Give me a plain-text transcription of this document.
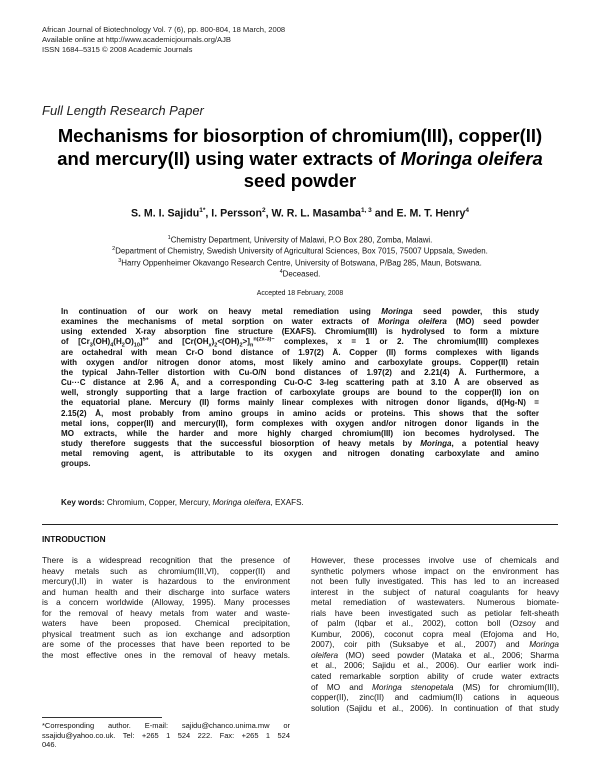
African Journal of Biotechnology Vol. 7 (6), pp. 800-804, 18 March, 2008
Available online at http://www.academicjournals.org/AJB
ISSN 1684–5315 © 2008 Academic Journals
Full Length Research Paper
Mechanisms for biosorption of chromium(III), copper(II)
and mercury(II) using water extracts of Moringa oleifera
seed powder
S. M. I. Sajidu$^{1*}$, I. Persson$^2$, W. R. L. Masamba$^{1, 3}$ and E. M. T. Henry$^4$
$^1$Chemistry Department, University of Malawi, P.O Box 280, Zomba, Malawi.
$^2$Department of Chemistry, Swedish University of Agricultural Sciences, Box 7015, 75007 Uppsala, Sweden.
$^3$Harry Oppenheimer Okavango Research Centre, University of Botswana, P/Bag 285, Maun, Botswana.
$^4$Deceased.
Accepted 18 February, 2008
In continuation of our work on heavy metal remediation using Moringa seed powder, this study
examines the mechanisms of metal sorption on water extracts of Moringa oleifera (MO) seed powder
using extended X-ray absorption fine structure (EXAFS). Chromium(III) is hydrolysed to form a mixture
of $[Cr_3(OH)_4(H_2O)_{10}]^{5+}$ and $[Cr(OH_x)_2<(OH)_2>]_n^{n(2x-3)-}$ complexes, x = 1 or 2. The chromium(III) complexes
are octahedral with mean Cr-O bond distance of 1.97(2) Å. Copper (II) forms complexes with ligands
with oxygen and/or nitrogen donor atoms, most likely amino and carboxylate groups. Copper(II) retain
the typical Jahn-Teller distortion with Cu-O/N bond distances of 1.97(2) and 2.21(4) Å. Furthermore, a
Cu···C distance at 2.96 Å, and a corresponding Cu-O-C 3-leg scattering path at 3.10 Å are observed as
well, strongly supporting that a large fraction of carboxylate groups are bound to the copper(II) ion on
the equatorial plane. Mercury (II) forms mainly linear complexes with nitrogen donor ligands, d(Hg-N) =
2.15(2) Å, most probably from amino groups in amino acids or proteins. This shows that the softer
metal ions, copper(II) and mercury(II), form complexes with oxygen and/or nitrogen donor ligands in the
MO extracts, while the harder and more highly charged chromium(III) ion becomes hydrolysed. The
study therefore suggests that the successful biosorption of heavy metals by Moringa, a potential heavy
metal removing agent, is attributable to its oxygen and nitrogen donating carboxylate and amino
groups.
Key words: Chromium, Copper, Mercury, Moringa oleifera, EXAFS.
INTRODUCTION
There is a widespread recognition that the presence of
heavy metals such as chromium(III,VI), copper(II) and
mercury(I,II) in water is hazardous to the environment
and human health and their discharge into surface waters
is a concern worldwide (Alloway, 1995). Many processes
for the removal of heavy metals from water and waste-
waters have been proposed. Chemical precipitation,
physical treatment such as ion exchange and adsorption
are some of the processes that have been reported to be
the most effective ones in the removal of heavy metals.
However, these processes involve use of chemicals and
synthetic polymers whose impact on the environment has
not been fully investigated. This has led to an increased
interest in the subject of natural coagulants for heavy
metal remediation of wastewaters. Numerous biomate-
rials have been investigated such as petiolar felt-sheath
of palm (Iqbar et al., 2002), cotton boll (Ozsoy and
Kumbur, 2006), coconut copra meal (Efojoma and Ho,
2007), coir pith (Suksabye et al., 2007) and Moringa
oleifera (MO) seed powder (Mataka et al., 2006; Sharma
et al., 2006; Sajidu et al., 2006). Our earlier work indi-
cated remarkable sorption ability of crude water extracts
of MO and Moringa stenopetala (MS) for chromium(III),
copper(II), zinc(II) and cadmium(II) cations in aqueous
solution (Sajidu et al., 2006). In continuation of that study
*Corresponding author. E-mail: sajidu@chanco.unima.mw or
ssajidu@yahoo.co.uk. Tel: +265 1 524 222. Fax: +265 1 524
046.
